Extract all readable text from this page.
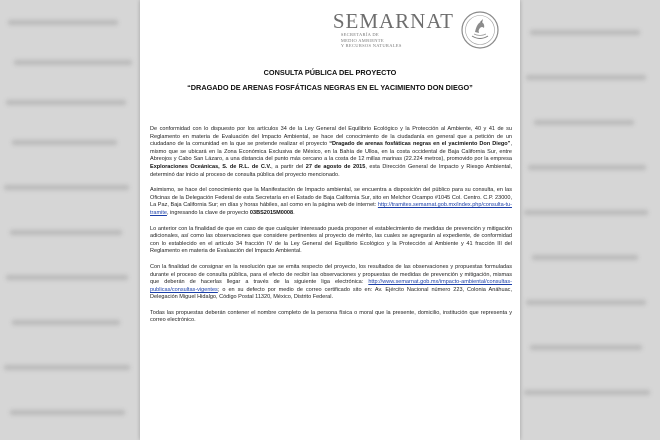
SEMARNAT
SECRETARÍA DE
MEDIO AMBIENTE
Y RECURSOS NATURALES
CONSULTA PÚBLICA DEL PROYECTO
“DRAGADO DE ARENAS FOSFÁTICAS NEGRAS EN EL YACIMIENTO DON DIEGO”

De conformidad con lo dispuesto por los artículos 34 de la Ley General del Equilibrio Ecológico y la Protección al Ambiente, 40 y 41 de su Reglamento en materia de Evaluación del Impacto Ambiental, se hace del conocimiento de la ciudadanía en general que a petición de un ciudadano de la comunidad en la que se pretende realizar el proyecto “Dragado de arenas fosfáticas negras en el yacimiento Don Diego”, mismo que se ubicará en la Zona Económica Exclusiva de México, en la Bahía de Ulloa, en la costa occidental de Baja California Sur, entre Abreojos y Cabo San Lázaro, a una distancia del punto más cercano a la costa de 12 millas marinas (22.224 metros), promovido por la empresa Exploraciones Oceánicas, S. de R.L. de C.V., a partir del 27 de agosto de 2015, esta Dirección General de Impacto y Riesgo Ambiental, determinó dar inicio al proceso de consulta pública del proyecto mencionado.

Asimismo, se hace del conocimiento que la Manifestación de Impacto ambiental, se encuentra a disposición del público para su consulta, en las Oficinas de la Delegación Federal de esta Secretaría en el Estado de Baja California Sur, sito en Melchor Ocampo #1045 Col. Centro. C.P. 23000, La Paz, Baja California Sur; en días y horas hábiles, así como en la página web de internet: http://tramites.semarnat.gob.mx/index.php/consulta-tu-tramite, ingresando la clave de proyecto 03BS2015M0008.

Lo anterior con la finalidad de que en caso de que cualquier interesado pueda proponer el establecimiento de medidas de prevención y mitigación adicionales, así como las observaciones que considere pertinentes al proyecto de mérito, las cuales se agregarán al expediente, de conformidad con lo establecido en el artículo 34 fracción IV de la Ley General del Equilibrio Ecológico y la Protección al Ambiente y 41 fracción III del Reglamento en materia de Evaluación del Impacto Ambiental.

Con la finalidad de consignar en la resolución que se emita respecto del proyecto, los resultados de las observaciones y propuestas formuladas durante el proceso de consulta pública, para el efecto de recibir las observaciones y propuestas de medidas de prevención y mitigación, mismas que deberán de hacerlas llegar a través de la siguiente liga electrónica: http://www.semarnat.gob.mx/impacto-ambiental/consultas-publicas/consultas-vigentes; o en su defecto por medio de correo certificado sito en: Av. Ejército Nacional número 223, Colonia Anáhuac, Delegación Miguel Hidalgo, Código Postal 11320, México, Distrito Federal.

Todas las propuestas deberán contener el nombre completo de la persona física o moral que la presente, domicilio, institución que representa y correo electrónico.
